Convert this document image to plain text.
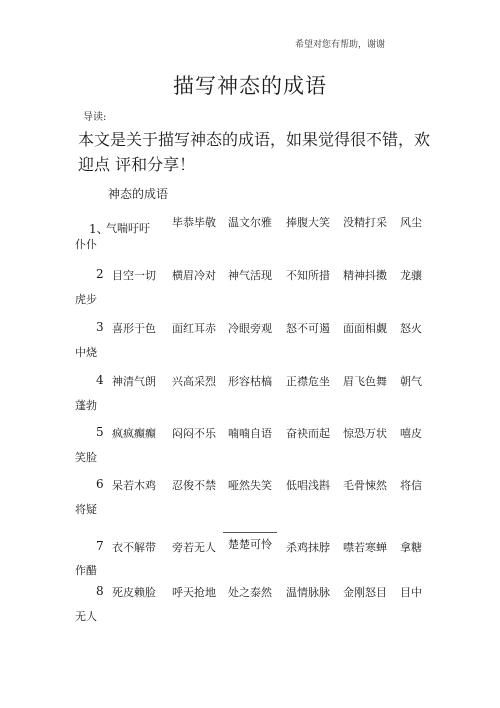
希望对您有帮助，谢谢
描写神态的成语
导读:
本文是关于描写神态的成语，如果觉得很不错，欢迎点 评和分享！
神态的成语
1、
气喘吁吁 毕恭毕敬 温文尔雅 捧腹大笑 没精打采 风尘
仆仆
2 目空一切 横眉冷对 神气活现 不知所措 精神抖擞 龙骧
虎步
3 喜形于色 面红耳赤 冷眼旁观 怒不可遏 面面相觑 怒火
中烧
4 神清气朗 兴高采烈 形容枯槁 正襟危坐 眉飞色舞 朝气
蓬勃
5 疯疯癫癫 闷闷不乐 喃喃自语 奋袂而起 惊恐万状 嘻皮
笑脸
6 呆若木鸡 忍俊不禁 哑然失笑 低唱浅斟 毛骨悚然 将信
将疑
7 衣不解带 旁若无人 楚楚可怜 杀鸡抹脖 噤若寒蝉 拿糖
作醋
8 死皮赖脸 呼天抢地 处之泰然 温情脉脉 金刚怒目 目中
无人
